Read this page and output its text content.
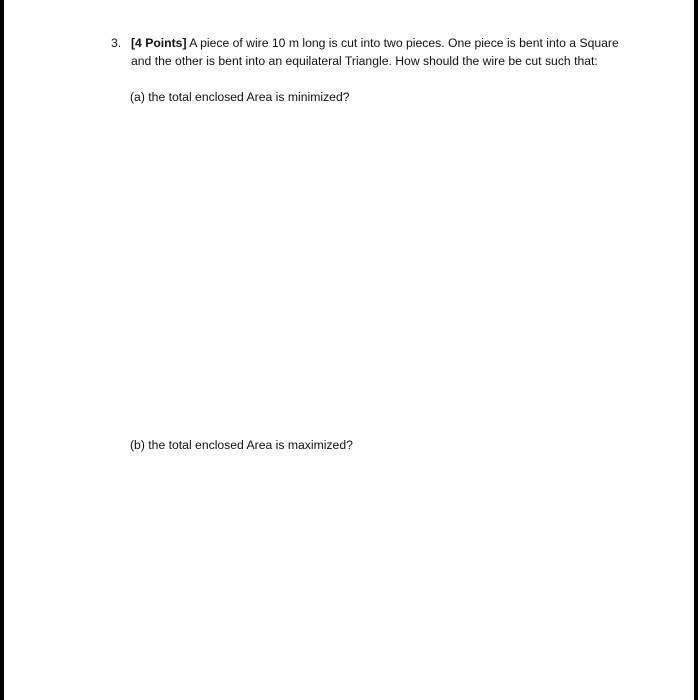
3. [4 Points] A piece of wire 10 m long is cut into two pieces. One piece is bent into a Square
and the other is bent into an equilateral Triangle. How should the wire be cut such that:
(a) the total enclosed Area is minimized?
(b) the total enclosed Area is maximized?
